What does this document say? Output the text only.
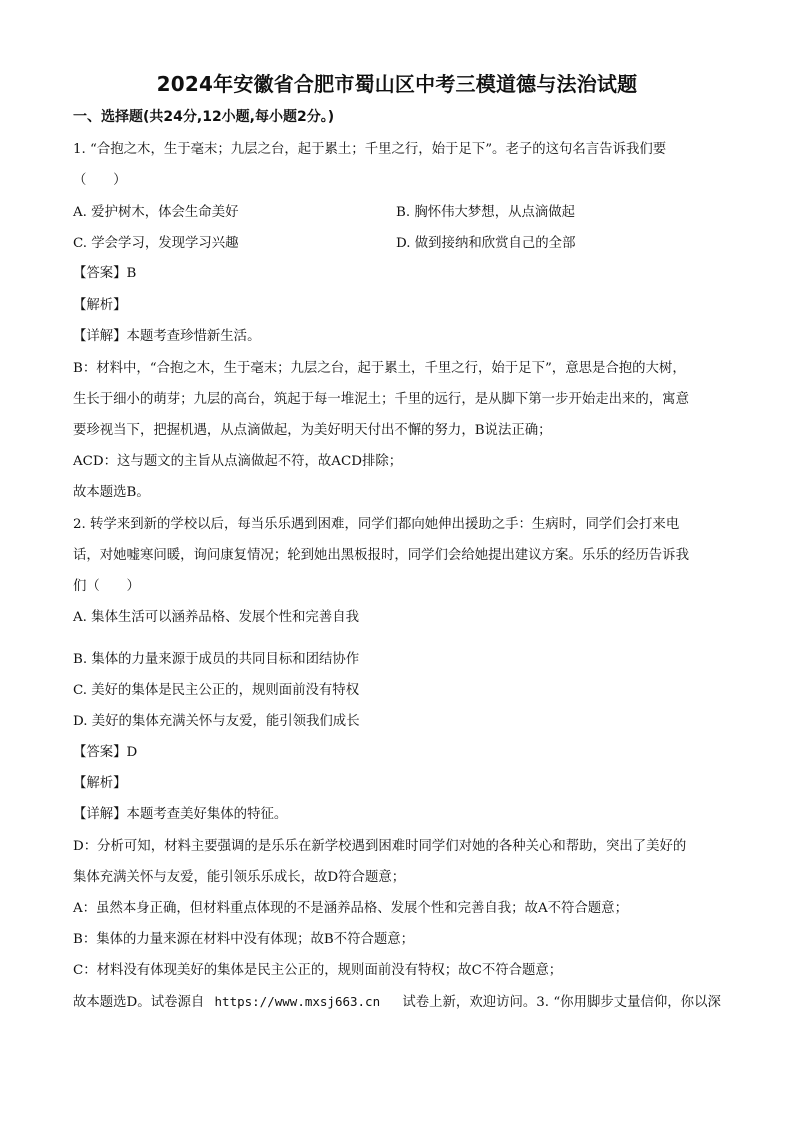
2024年安徽省合肥市蜀山区中考三模道德与法治试题
一、选择题(共24分,12小题,每小题2分。)
1. “合抱之木，生于毫末；九层之台，起于累土；千里之行，始于足下”。老子的这句名言告诉我们要
（　　）
A. 爱护树木，体会生命美好	B. 胸怀伟大梦想，从点滴做起
C. 学会学习，发现学习兴趣	D. 做到接纳和欣赏自己的全部
【答案】B
【解析】
【详解】本题考查珍惜新生活。
B：材料中，“合抱之木，生于毫末；九层之台，起于累土，千里之行，始于足下”，意思是合抱的大树，
生长于细小的萌芽；九层的高台，筑起于每一堆泥土；千里的远行，是从脚下第一步开始走出来的，寓意
要珍视当下，把握机遇，从点滴做起，为美好明天付出不懈的努力，B说法正确；
ACD：这与题文的主旨从点滴做起不符，故ACD排除；
故本题选B。
2. 转学来到新的学校以后，每当乐乐遇到困难，同学们都向她伸出援助之手：生病时，同学们会打来电
话，对她嘘寒问暖，询问康复情况；轮到她出黑板报时，同学们会给她提出建议方案。乐乐的经历告诉我
们（　　）
A. 集体生活可以涵养品格、发展个性和完善自我
B. 集体的力量来源于成员的共同目标和团结协作
C. 美好的集体是民主公正的，规则面前没有特权
D. 美好的集体充满关怀与友爱，能引领我们成长
【答案】D
【解析】
【详解】本题考查美好集体的特征。
D：分析可知，材料主要强调的是乐乐在新学校遇到困难时同学们对她的各种关心和帮助，突出了美好的
集体充满关怀与友爱，能引领乐乐成长，故D符合题意；
A：虽然本身正确，但材料重点体现的不是涵养品格、发展个性和完善自我；故A不符合题意；
B：集体的力量来源在材料中没有体现；故B不符合题意；
C：材料没有体现美好的集体是民主公正的，规则面前没有特权；故C不符合题意；
故本题选D。试卷源自 https://www.mxsj663.cn 试卷上新，欢迎访问。3. “你用脚步丈量信仰，你以深
